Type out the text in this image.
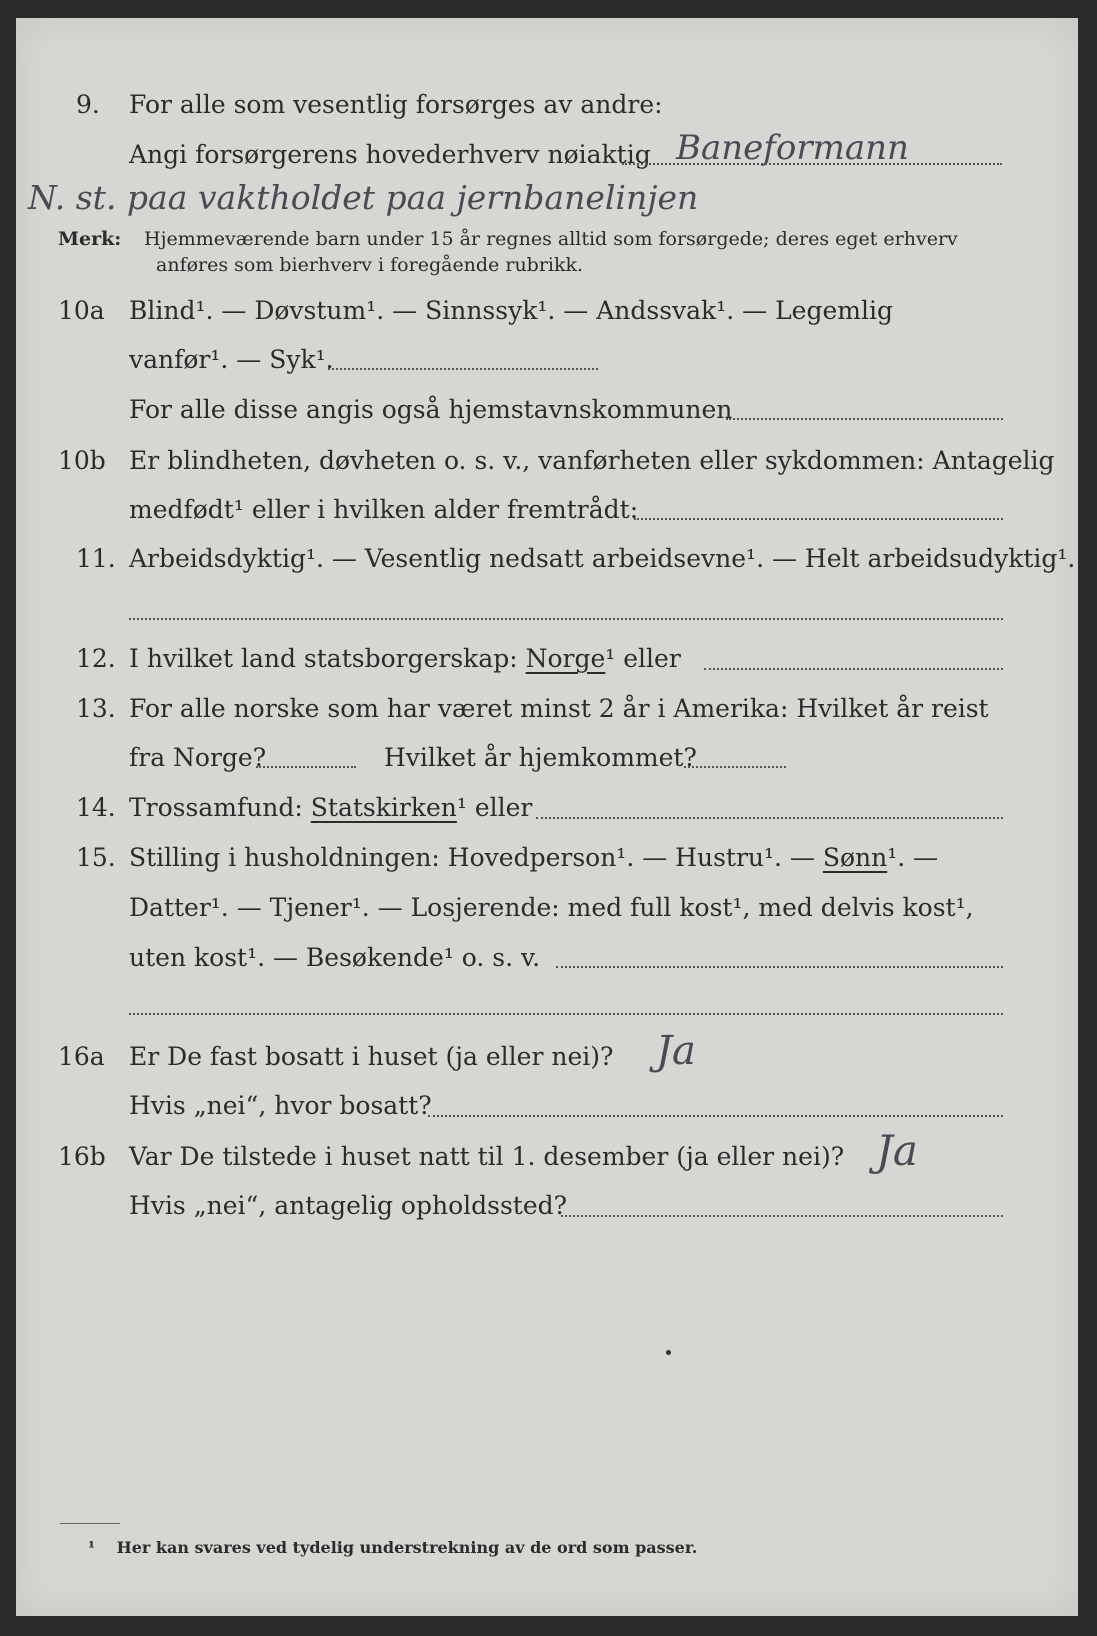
9. For alle som vesentlig forsørges av andre:
Angi forsørgerens hovederhverv nøiaktig Baneformann
N. st. paa vaktholdet paa jernbanelinjen
Merk: Hjemmeværende barn under 15 år regnes alltid som forsørgede; deres eget erhverv
anføres som bierhverv i foregående rubrikk.
10a Blind¹. — Døvstum¹. — Sinnssyk¹. — Andssvak¹. — Legemlig
vanfør¹. — Syk¹.
For alle disse angis også hjemstavnskommunen
10b Er blindheten, døvheten o. s. v., vanførheten eller sykdommen: Antagelig
medfødt¹ eller i hvilken alder fremtrådt:
11. Arbeidsdyktig¹. — Vesentlig nedsatt arbeidsevne¹. — Helt arbeidsudyktig¹.
12. I hvilket land statsborgerskap: Norge¹ eller
13. For alle norske som har været minst 2 år i Amerika: Hvilket år reist
fra Norge?	Hvilket år hjemkommet?
14. Trossamfund: Statskirken¹ eller
15. Stilling i husholdningen: Hovedperson¹. — Hustru¹. — Sønn¹. —
Datter¹. — Tjener¹. — Losjerende: med full kost¹, med delvis kost¹,
uten kost¹. — Besøkende¹ o. s. v.
16a Er De fast bosatt i huset (ja eller nei)? Ja
Hvis „nei“, hvor bosatt?
16b Var De tilstede i huset natt til 1. desember (ja eller nei)? Ja
Hvis „nei“, antagelig opholdssted?
¹ Her kan svares ved tydelig understrekning av de ord som passer.
